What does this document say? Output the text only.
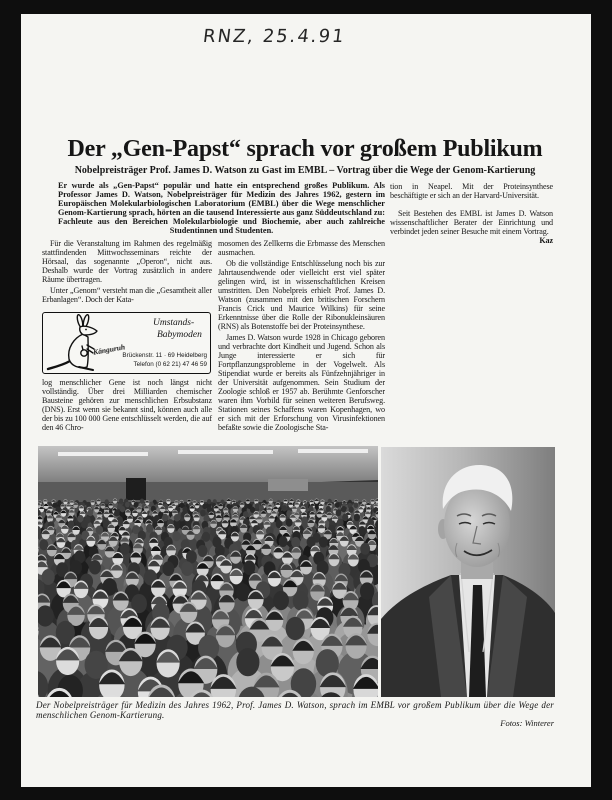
RNZ, 25.4.91
Der „Gen-Papst“ sprach vor großem Publikum
Nobelpreisträger Prof. James D. Watson zu Gast im EMBL – Vortrag über die Wege der Genom-Kartierung
Er wurde als „Gen-Papst“ populär und hatte ein entsprechend großes Publikum. Als Professor James D. Watson, Nobelpreisträger für Medizin des Jahres 1962, gestern im Europäischen Molekularbiologischen Laboratorium (EMBL) über die Wege menschlicher Genom-Kartierung sprach, hörten an die tausend Interessierte aus ganz Süddeutschland zu: Fachleute aus den Bereichen Molekularbiologie und Biochemie, aber auch zahlreiche Studentinnen und Studenten.

Für die Veranstaltung im Rahmen des regelmäßig stattfindenden Mittwochsseminars reichte der Hörsaal, das sogenannte „Operon“, nicht aus. Deshalb wurde der Vortrag zusätzlich in andere Räume übertragen.

Unter „Genom“ versteht man die „Gesamtheit aller Erbanlagen“. Doch der Kata-

Känguruh
Umstands-
Babymoden
Brückenstr. 11 · 69 Heidelberg
Telefon (0 62 21) 47 46 59

log menschlicher Gene ist noch längst nicht vollständig. Über drei Milliarden chemischer Bausteine gehören zur menschlichen Erbsubstanz (DNS). Erst wenn sie bekannt sind, können auch alle der bis zu 100 000 Gene entschlüsselt werden, die auf den 46 Chro-

mosomen des Zellkerns die Erbmasse des Menschen ausmachen.

Ob die vollständige Entschlüsselung noch bis zur Jahrtausendwende oder vielleicht erst viel später gelingen wird, ist in wissenschaftlichen Kreisen umstritten. Den Nobelpreis erhielt Prof. James D. Watson (zusammen mit den britischen Forschern Francis Crick und Maurice Wilkins) für seine Erkenntnisse über die Rolle der Ribonukleinsäuren (RNS) als Botenstoffe bei der Proteinsynthese.

James D. Watson wurde 1928 in Chicago geboren und verbrachte dort Kindheit und Jugend. Schon als Junge interessierte er sich für Fortpflanzungsprobleme in der Vogelwelt. Als Stipendiat wurde er bereits als Fünfzehnjähriger in der Universität aufgenommen. Sein Studium der Zoologie schloß er 1957 ab. Berühmte Genforscher waren ihm Vorbild für seinen weiteren Berufsweg. Stationen seines Schaffens waren Kopenhagen, wo er sich mit der Erforschung von Virusinfektionen befaßte sowie die Zoologische Sta-

tion in Neapel. Mit der Proteinsynthese beschäftigte er sich an der Harvard-Universität.

Seit Bestehen des EMBL ist James D. Watson wissenschaftlicher Berater der Einrichtung und verbindet jeden seiner Besuche mit einem Vortrag.
Kaz

Der Nobelpreisträger für Medizin des Jahres 1962, Prof. James D. Watson, sprach im EMBL vor großem Publikum über die Wege der menschlichen Genom-Kartierung.
Fotos: Winterer
